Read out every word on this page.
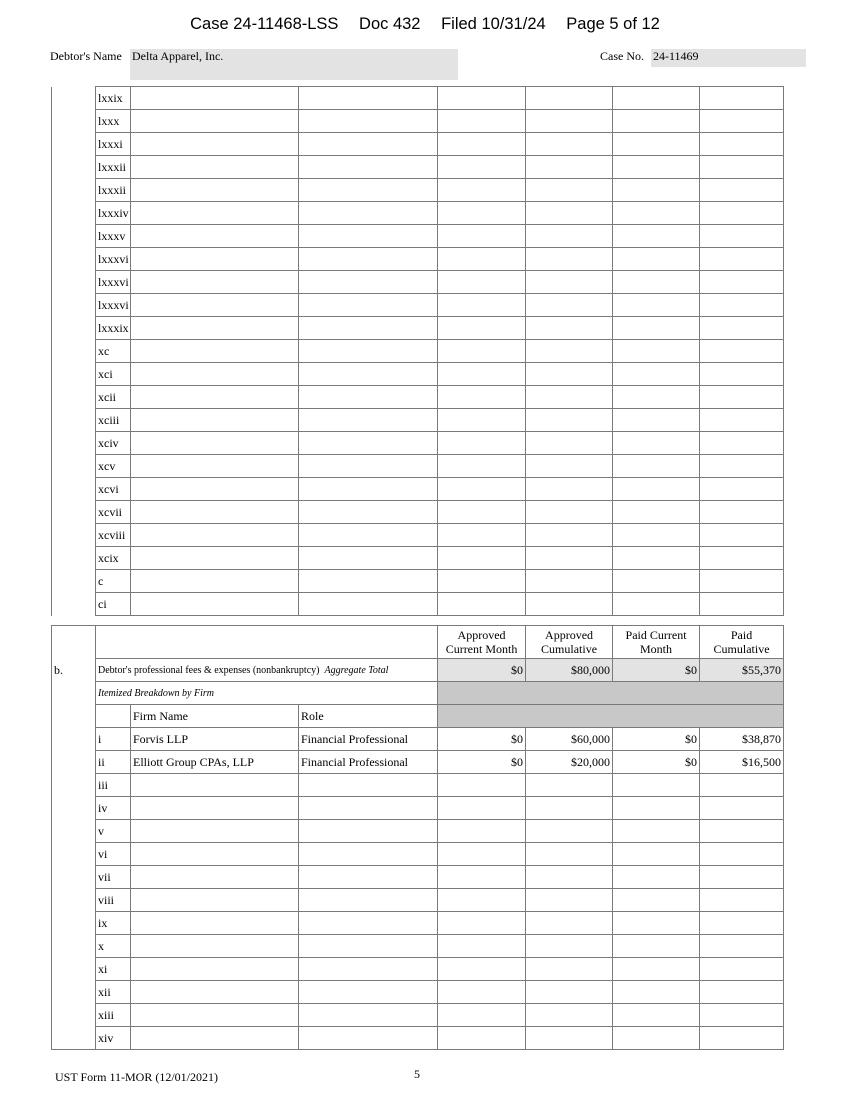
Case 24-11468-LSS Doc 432 Filed 10/31/24 Page 5 of 12
Debtor's Name Delta Apparel, Inc.	Case No. 24-11469
	lxxix						
	lxxx						
	lxxxi						
	lxxxii						
	lxxxii						
	lxxxiv						
	lxxxv						
	lxxxvi						
	lxxxvi						
	lxxxvi						
	lxxxix						
	xc						
	xci						
	xcii						
	xciii						
	xciv						
	xcv						
	xcvi						
	xcvii						
	xcviii						
	xcix						
	c						
	ci						
				Approved Current Month	Approved Cumulative	Paid Current Month	Paid Cumulative
b.	Debtor's professional fees & expenses (nonbankruptcy) Aggregate Total			$0	$80,000	$0	$55,370
	Itemized Breakdown by Firm						
		Firm Name	Role				
	i	Forvis LLP	Financial Professional	$0	$60,000	$0	$38,870
	ii	Elliott Group CPAs, LLP	Financial Professional	$0	$20,000	$0	$16,500
	iii						
	iv						
	v						
	vi						
	vii						
	viii						
	ix						
	x						
	xi						
	xii						
	xiii						
	xiv						
UST Form 11-MOR (12/01/2021)	5
